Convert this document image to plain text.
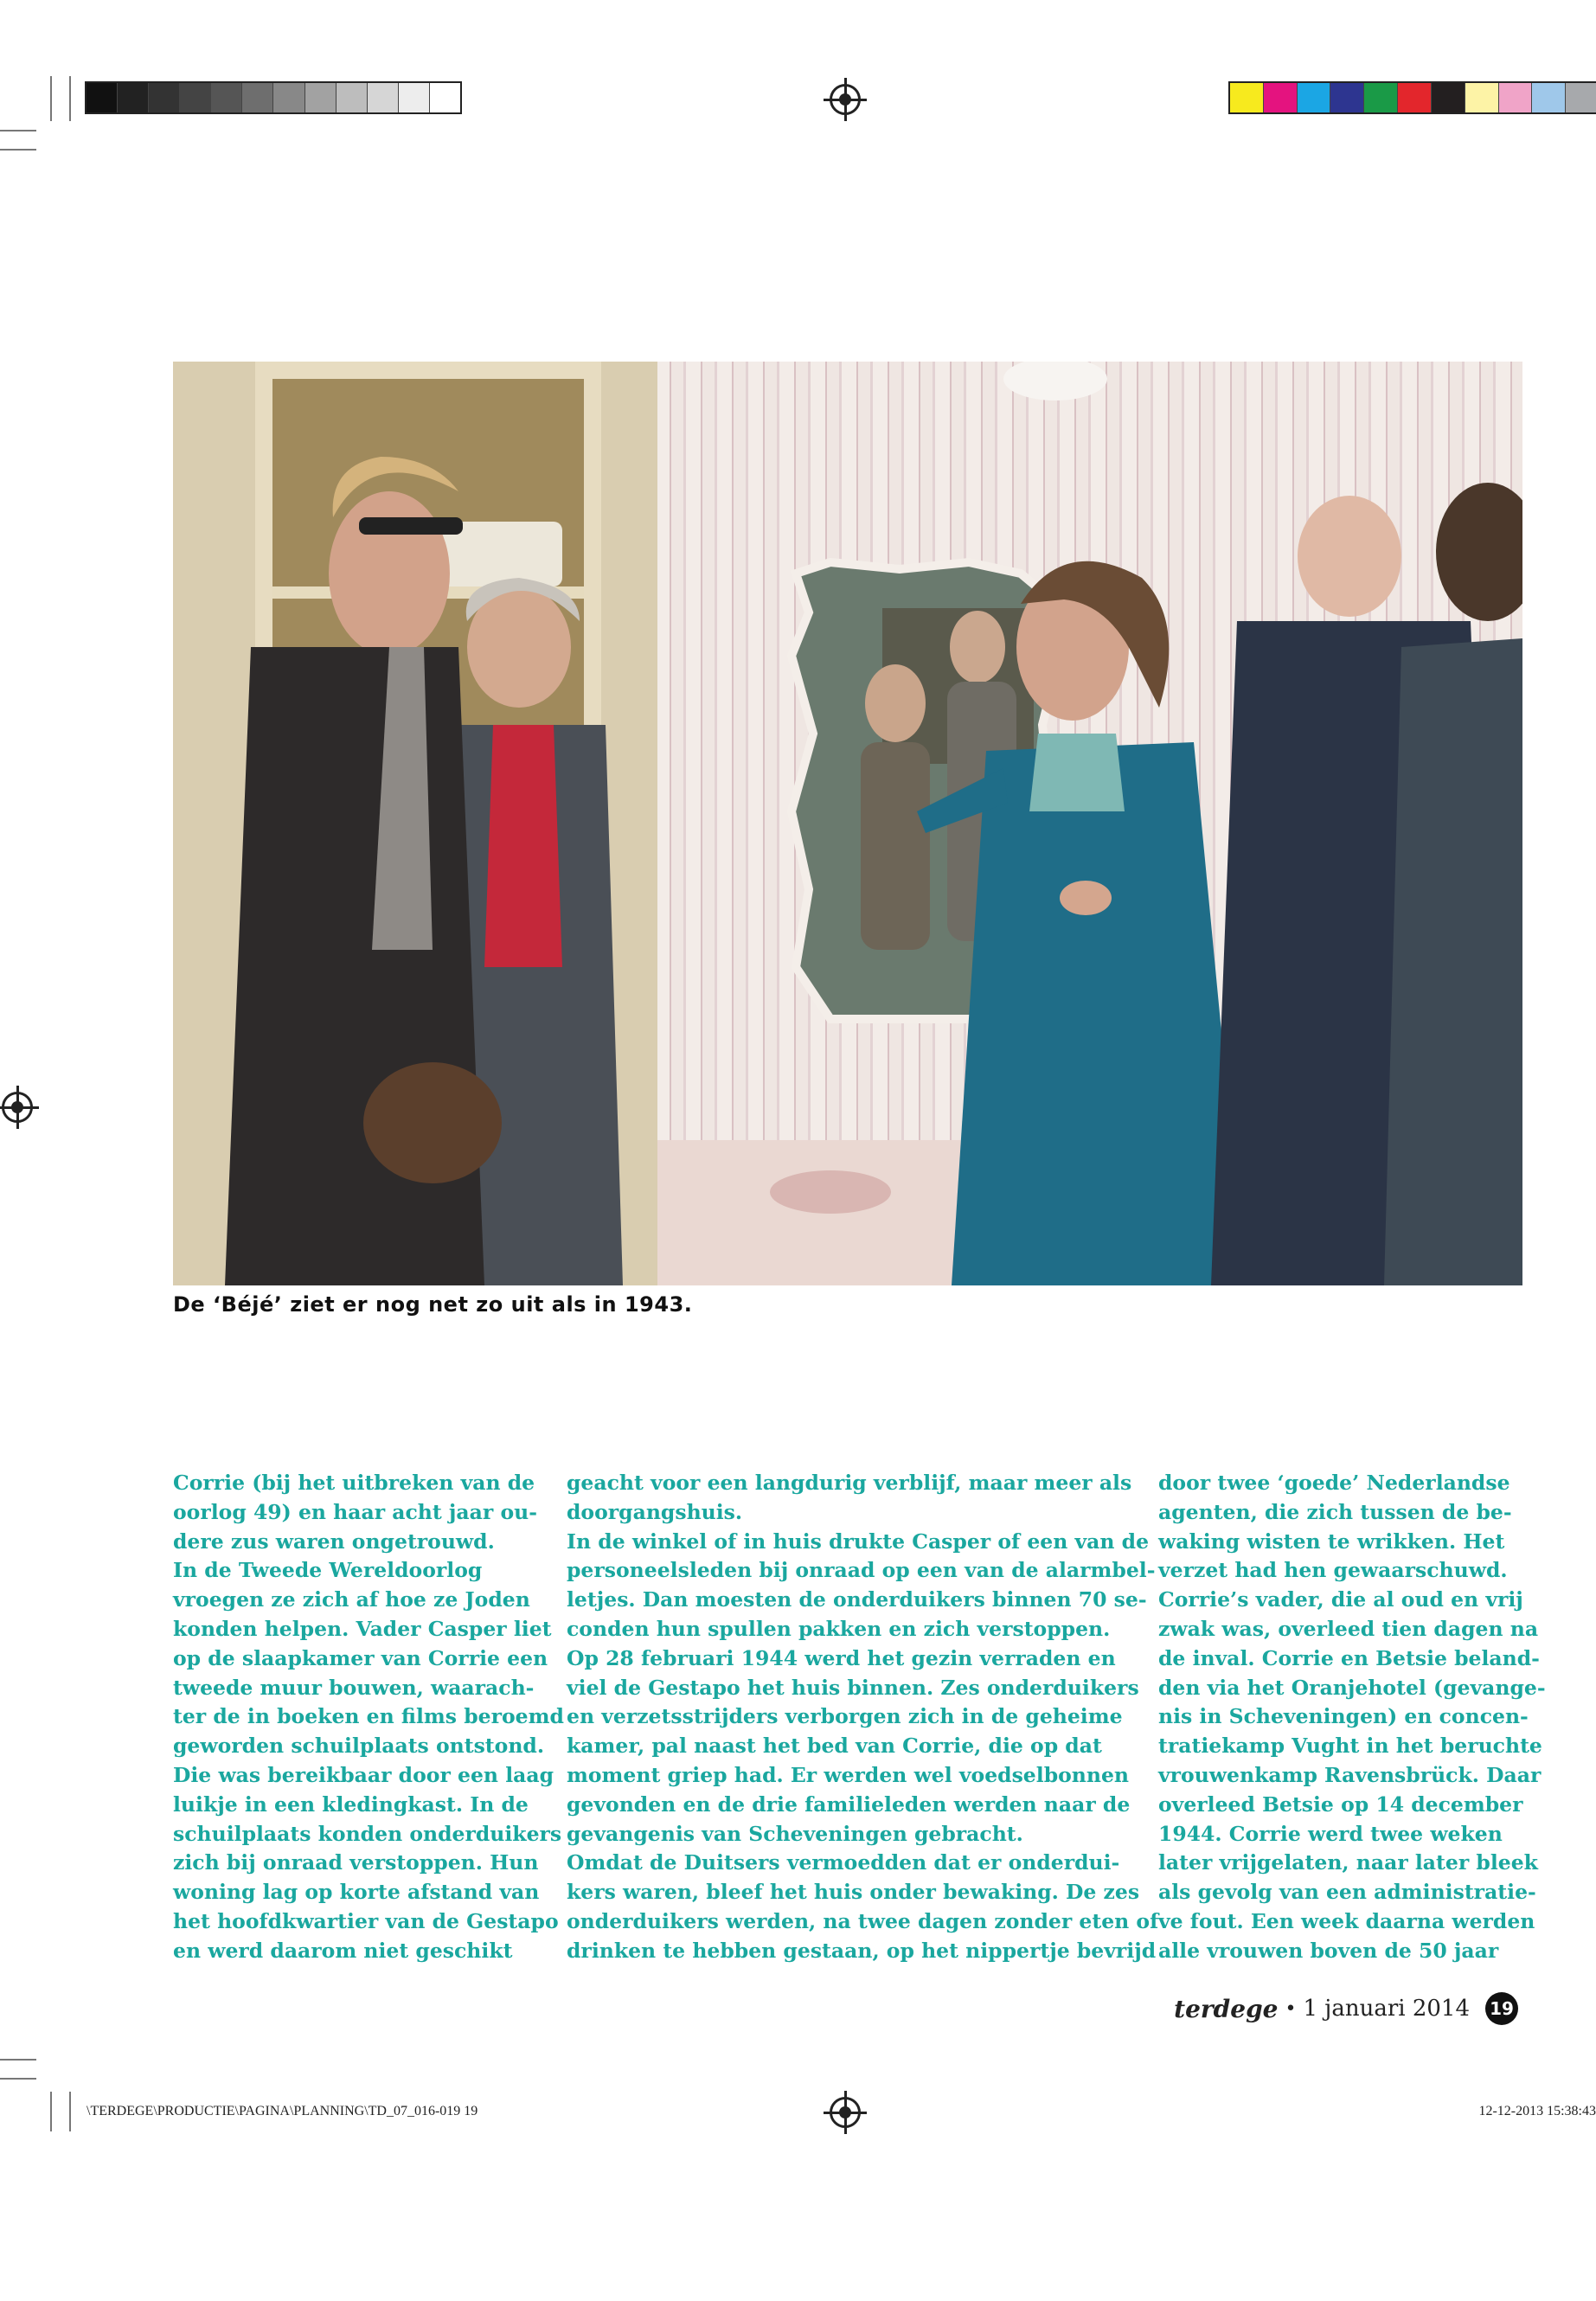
De ‘Béjé’ ziet er nog net zo uit als in 1943.

Corrie (bij het uitbreken van de

oorlog 49) en haar acht jaar ou-

dere zus waren ongetrouwd.

In de Tweede Wereldoorlog

vroegen ze zich af hoe ze Joden

konden helpen. Vader Casper liet

op de slaapkamer van Corrie een

tweede muur bouwen, waarach-

ter de in boeken en films beroemd

geworden schuilplaats ontstond.

Die was bereikbaar door een laag

luikje in een kledingkast. In de

schuilplaats konden onderduikers

zich bij onraad verstoppen. Hun

woning lag op korte afstand van

het hoofdkwartier van de Gestapo

en werd daarom niet geschikt

geacht voor een langdurig verblijf, maar meer als

doorgangshuis.

In de winkel of in huis drukte Casper of een van de

personeelsleden bij onraad op een van de alarmbel-

letjes. Dan moesten de onderduikers binnen 70 se-

conden hun spullen pakken en zich verstoppen.

Op 28 februari 1944 werd het gezin verraden en

viel de Gestapo het huis binnen. Zes onderduikers

en verzetsstrijders verborgen zich in de geheime

kamer, pal naast het bed van Corrie, die op dat

moment griep had. Er werden wel voedselbonnen

gevonden en de drie familieleden werden naar de

gevangenis van Scheveningen gebracht.

Omdat de Duitsers vermoedden dat er onderdui-

kers waren, bleef het huis onder bewaking. De zes

onderduikers werden, na twee dagen zonder eten of

drinken te hebben gestaan, op het nippertje bevrijd

door twee ‘goede’ Nederlandse

agenten, die zich tussen de be-

waking wisten te wrikken. Het

verzet had hen gewaarschuwd.

Corrie’s vader, die al oud en vrij

zwak was, overleed tien dagen na

de inval. Corrie en Betsie beland-

den via het Oranjehotel (gevange-

nis in Scheveningen) en concen-

tratiekamp Vught in het beruchte

vrouwenkamp Ravensbrück. Daar

overleed Betsie op 14 december

1944. Corrie werd twee weken

later vrijgelaten, naar later bleek

als gevolg van een administratie-

ve fout. Een week daarna werden

alle vrouwen boven de 50 jaar

terdege • 1 januari 2014 19
\TERDEGE\PRODUCTIE\PAGINA\PLANNING\TD_07_016-019 19	12-12-2013 15:38:43
